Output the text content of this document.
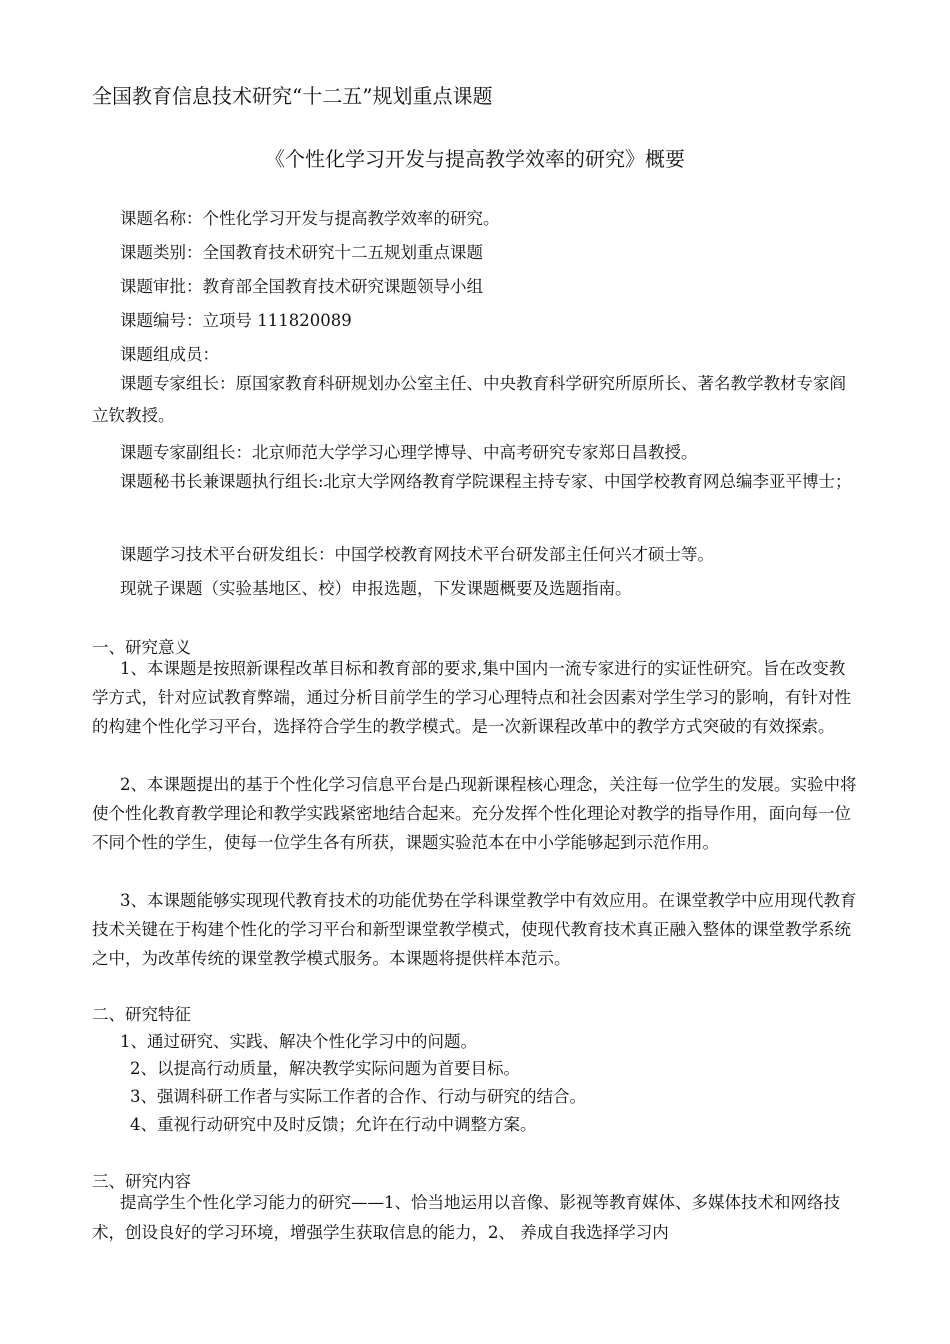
全国教育信息技术研究“十二五”规划重点课题
《个性化学习开发与提高教学效率的研究》概要
课题名称：个性化学习开发与提高教学效率的研究。
课题类别：全国教育技术研究十二五规划重点课题
课题审批：教育部全国教育技术研究课题领导小组
课题编号：立项号 111820089
课题组成员：
课题专家组长：原国家教育科研规划办公室主任、中央教育科学研究所原所长、著名教学教材专家阎立钦教授。
课题专家副组长：北京师范大学学习心理学博导、中高考研究专家郑日昌教授。
课题秘书长兼课题执行组长:北京大学网络教育学院课程主持专家、中国学校教育网总编李亚平博士；
课题学习技术平台研发组长：中国学校教育网技术平台研发部主任何兴才硕士等。
现就子课题（实验基地区、校）申报选题，下发课题概要及选题指南。
一、研究意义
1、本课题是按照新课程改革目标和教育部的要求,集中国内一流专家进行的实证性研究。旨在改变教学方式，针对应试教育弊端，通过分析目前学生的学习心理特点和社会因素对学生学习的影响，有针对性的构建个性化学习平台，选择符合学生的教学模式。是一次新课程改革中的教学方式突破的有效探索。
2、本课题提出的基于个性化学习信息平台是凸现新课程核心理念，关注每一位学生的发展。实验中将使个性化教育教学理论和教学实践紧密地结合起来。充分发挥个性化理论对教学的指导作用，面向每一位不同个性的学生，使每一位学生各有所获，课题实验范本在中小学能够起到示范作用。
3、本课题能够实现现代教育技术的功能优势在学科课堂教学中有效应用。在课堂教学中应用现代教育技术关键在于构建个性化的学习平台和新型课堂教学模式，使现代教育技术真正融入整体的课堂教学系统之中，为改革传统的课堂教学模式服务。本课题将提供样本范示。
二、研究特征
1、通过研究、实践、解决个性化学习中的问题。
2、以提高行动质量，解决教学实际问题为首要目标。
3、强调科研工作者与实际工作者的合作、行动与研究的结合。
4、重视行动研究中及时反馈；允许在行动中调整方案。
三、研究内容
提高学生个性化学习能力的研究——1、恰当地运用以音像、影视等教育媒体、多媒体技术和网络技术，创设良好的学习环境，增强学生获取信息的能力，2、 养成自我选择学习内
